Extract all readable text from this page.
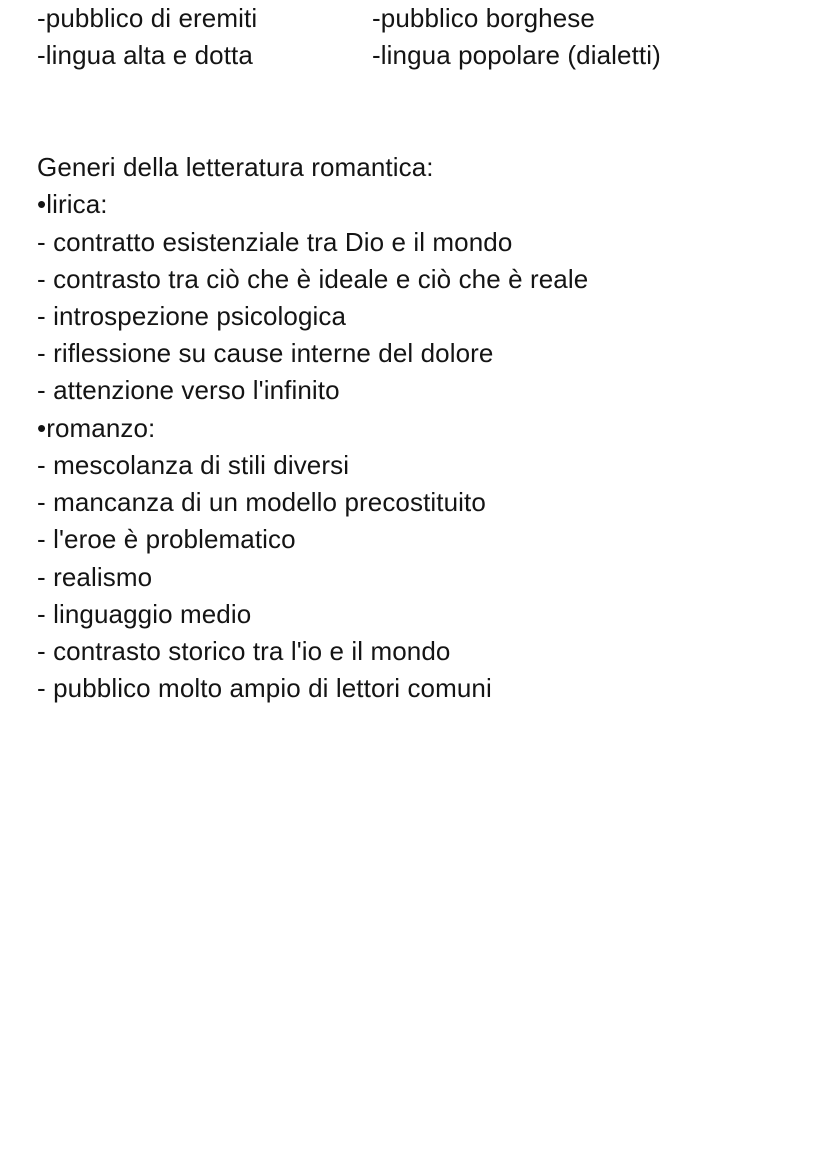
-pubblico di eremiti	-pubblico borghese
-lingua alta e dotta	-lingua popolare (dialetti)
Generi della letteratura romantica:
•lirica:
- contratto esistenziale tra Dio e il mondo
- contrasto tra ciò che è ideale e ciò che è reale
- introspezione psicologica
- riflessione su cause interne del dolore
- attenzione verso l'infinito
•romanzo:
- mescolanza di stili diversi
- mancanza di un modello precostituito
- l'eroe è problematico
- realismo
- linguaggio medio
- contrasto storico tra l'io e il mondo
- pubblico molto ampio di lettori comuni
